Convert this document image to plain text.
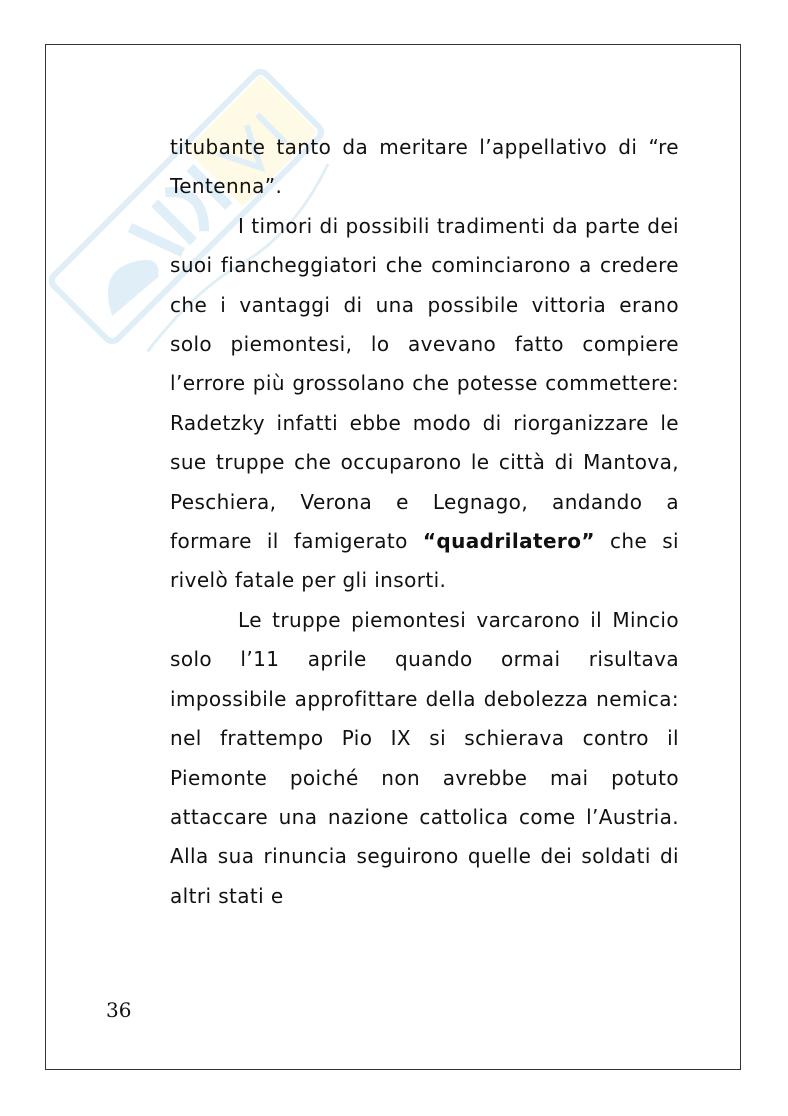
titubante tanto da meritare l’appellativo di “re Tentenna”.

I timori di possibili tradimenti da parte dei suoi fiancheggiatori che cominciarono a credere che i vantaggi di una possibile vittoria erano solo piemontesi, lo avevano fatto compiere l’errore più grossolano che potesse commettere: Radetzky infatti ebbe modo di riorganizzare le sue truppe che occuparono le città di Mantova, Peschiera, Verona e Legnago, andando a formare il famigerato “quadrilatero” che si rivelò fatale per gli insorti.

Le truppe piemontesi varcarono il Mincio solo l’11 aprile quando ormai risultava impossibile approfittare della debolezza nemica: nel frattempo Pio IX si schierava contro il Piemonte poiché non avrebbe mai potuto attaccare una nazione cattolica come l’Austria. Alla sua rinuncia seguirono quelle dei soldati di altri stati e

36
